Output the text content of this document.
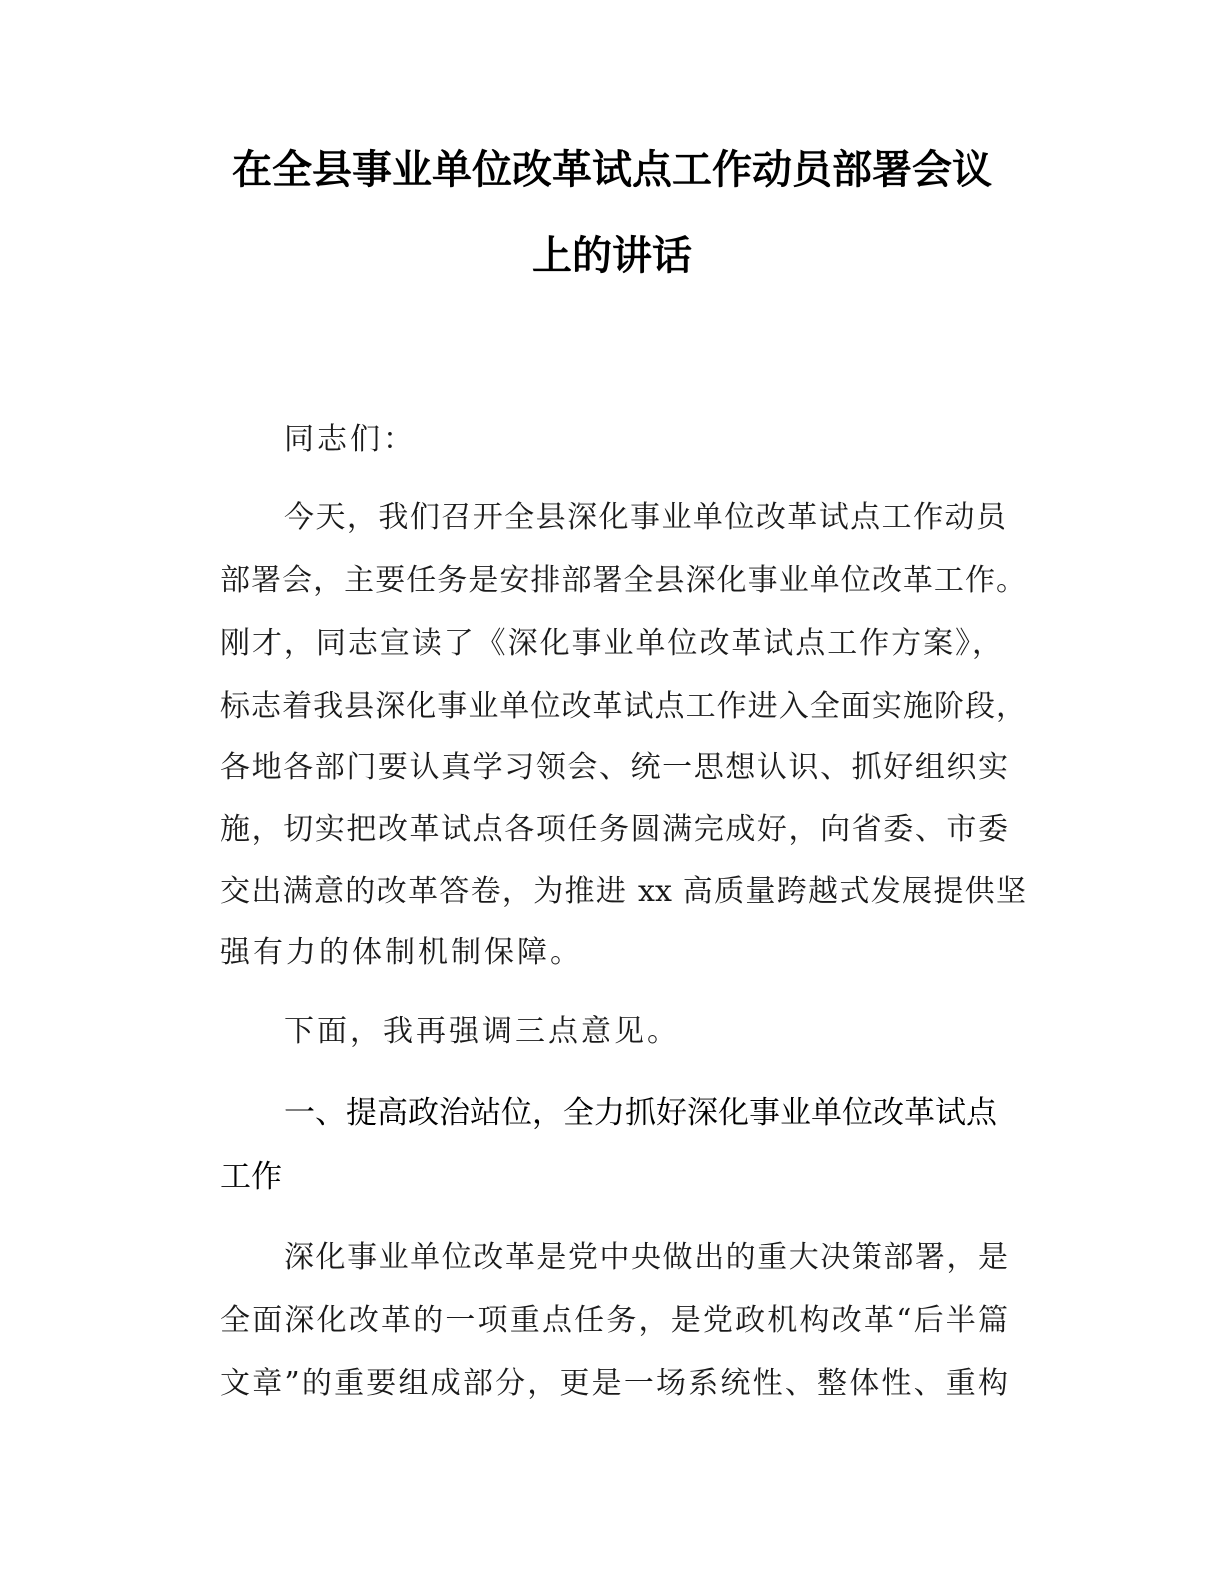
在全县事业单位改革试点工作动员部署会议
上的讲话
同志们：
今天，我们召开全县深化事业单位改革试点工作动员
部署会，主要任务是安排部署全县深化事业单位改革工作。
刚才，同志宣读了《深化事业单位改革试点工作方案》，
标志着我县深化事业单位改革试点工作进入全面实施阶段，
各地各部门要认真学习领会、统一思想认识、抓好组织实
施，切实把改革试点各项任务圆满完成好，向省委、市委
交出满意的改革答卷，为推进 xx 高质量跨越式发展提供坚
强有力的体制机制保障。
下面，我再强调三点意见。
一、提高政治站位，全力抓好深化事业单位改革试点
工作
深化事业单位改革是党中央做出的重大决策部署，是
全面深化改革的一项重点任务，是党政机构改革“后半篇
文章”的重要组成部分，更是一场系统性、整体性、重构
